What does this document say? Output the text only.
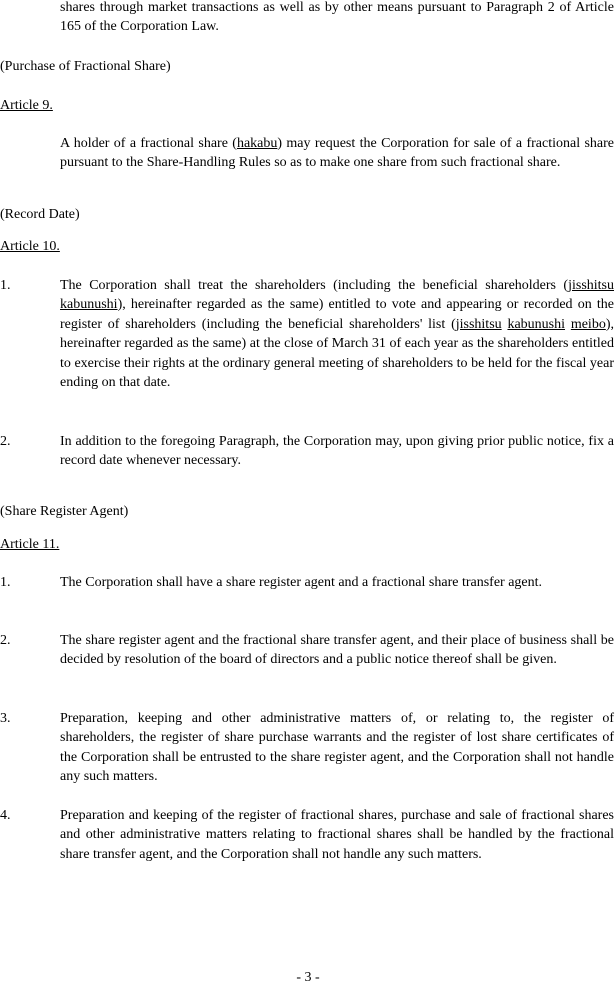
shares through market transactions as well as by other means pursuant to Paragraph 2 of Article 165 of the Corporation Law.

(Purchase of Fractional Share)

Article 9.

A holder of a fractional share (hakabu) may request the Corporation for sale of a fractional share pursuant to the Share-Handling Rules so as to make one share from such fractional share.

(Record Date)

Article 10.

1.	The Corporation shall treat the shareholders (including the beneficial shareholders (jisshitsu kabunushi), hereinafter regarded as the same) entitled to vote and appearing or recorded on the register of shareholders (including the beneficial shareholders' list (jisshitsu kabunushi meibo), hereinafter regarded as the same) at the close of March 31 of each year as the shareholders entitled to exercise their rights at the ordinary general meeting of shareholders to be held for the fiscal year ending on that date.

2.	In addition to the foregoing Paragraph, the Corporation may, upon giving prior public notice, fix a record date whenever necessary.

(Share Register Agent)

Article 11.

1.	The Corporation shall have a share register agent and a fractional share transfer agent.

2.	The share register agent and the fractional share transfer agent, and their place of business shall be decided by resolution of the board of directors and a public notice thereof shall be given.

3.	Preparation, keeping and other administrative matters of, or relating to, the register of shareholders, the register of share purchase warrants and the register of lost share certificates of the Corporation shall be entrusted to the share register agent, and the Corporation shall not handle any such matters.

4.	Preparation and keeping of the register of fractional shares, purchase and sale of fractional shares and other administrative matters relating to fractional shares shall be handled by the fractional share transfer agent, and the Corporation shall not handle any such matters.

- 3 -
